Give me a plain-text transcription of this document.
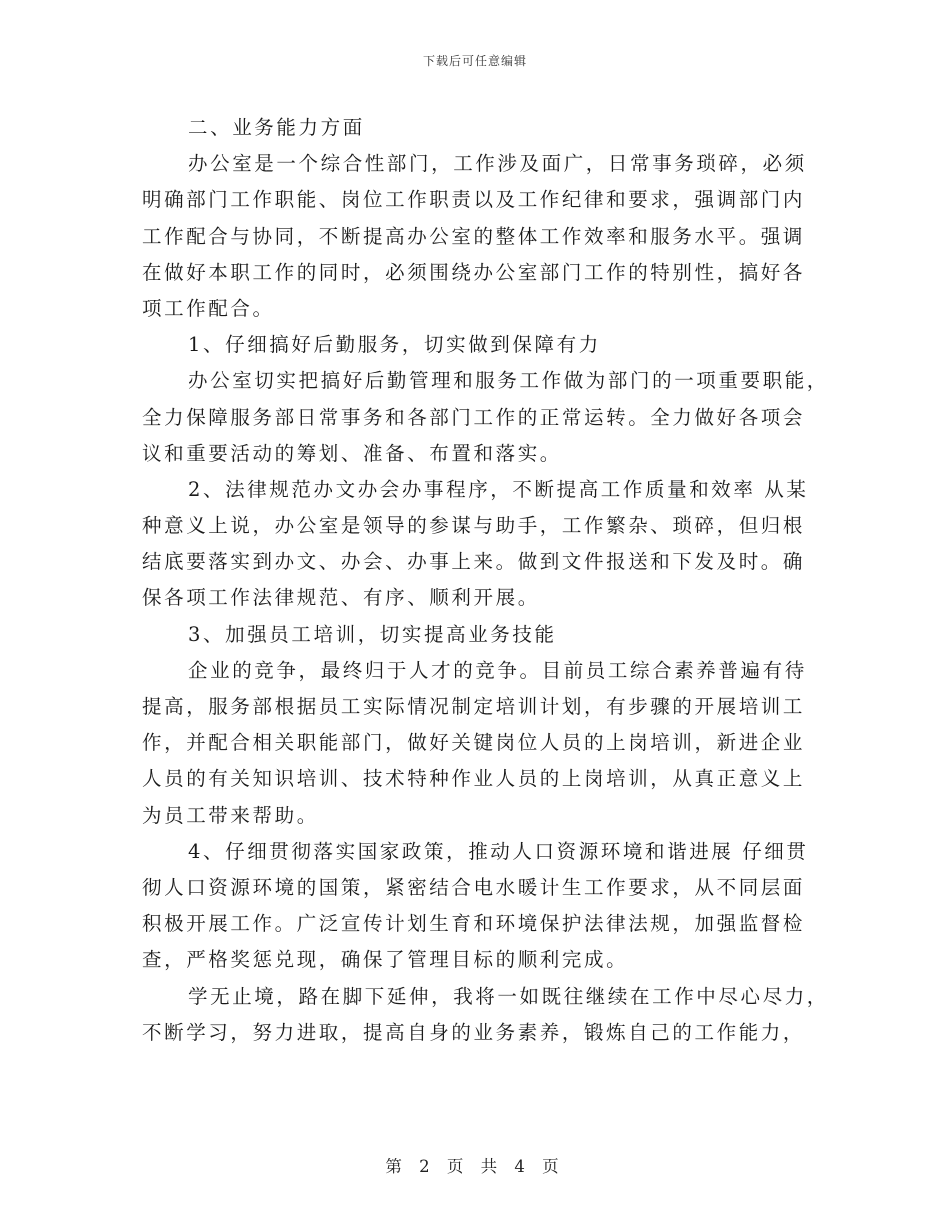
下载后可任意编辑
二、业务能力方面
办公室是一个综合性部门，工作涉及面广，日常事务琐碎，必须
明确部门工作职能、岗位工作职责以及工作纪律和要求，强调部门内
工作配合与协同，不断提高办公室的整体工作效率和服务水平。强调
在做好本职工作的同时，必须围绕办公室部门工作的特别性，搞好各
项工作配合。
1、仔细搞好后勤服务，切实做到保障有力
办公室切实把搞好后勤管理和服务工作做为部门的一项重要职能，
全力保障服务部日常事务和各部门工作的正常运转。全力做好各项会
议和重要活动的筹划、准备、布置和落实。
2、法律规范办文办会办事程序，不断提高工作质量和效率 从某
种意义上说，办公室是领导的参谋与助手，工作繁杂、琐碎，但归根
结底要落实到办文、办会、办事上来。做到文件报送和下发及时。确
保各项工作法律规范、有序、顺利开展。
3、加强员工培训，切实提高业务技能
企业的竞争，最终归于人才的竞争。目前员工综合素养普遍有待
提高，服务部根据员工实际情况制定培训计划，有步骤的开展培训工
作，并配合相关职能部门，做好关键岗位人员的上岗培训，新进企业
人员的有关知识培训、技术特种作业人员的上岗培训，从真正意义上
为员工带来帮助。
4、仔细贯彻落实国家政策，推动人口资源环境和谐进展 仔细贯
彻人口资源环境的国策，紧密结合电水暖计生工作要求，从不同层面
积极开展工作。广泛宣传计划生育和环境保护法律法规，加强监督检
查，严格奖惩兑现，确保了管理目标的顺利完成。
学无止境，路在脚下延伸，我将一如既往继续在工作中尽心尽力，
不断学习，努力进取，提高自身的业务素养，锻炼自己的工作能力，
第 2 页 共 4 页
